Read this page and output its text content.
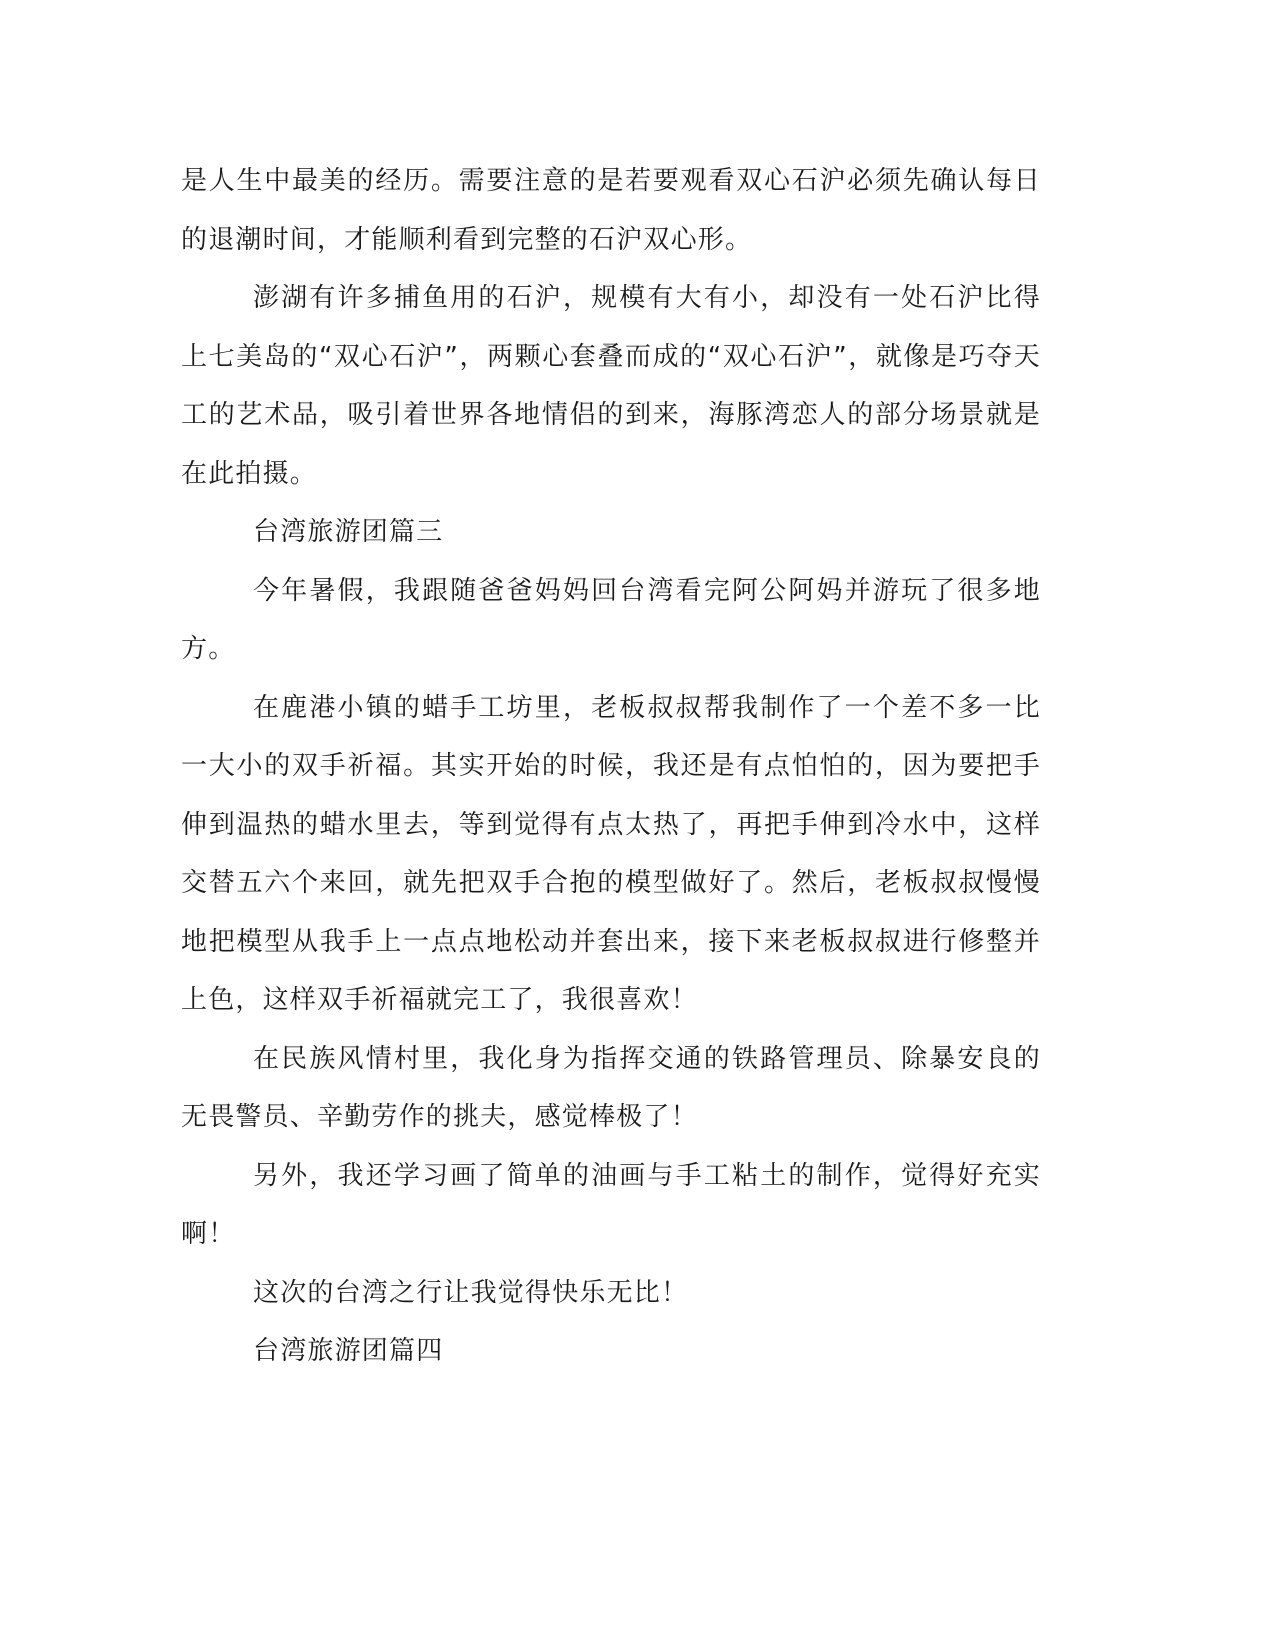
是人生中最美的经历。需要注意的是若要观看双心石沪必须先确认每日的退潮时间，才能顺利看到完整的石沪双心形。

澎湖有许多捕鱼用的石沪，规模有大有小，却没有一处石沪比得上七美岛的“双心石沪”，两颗心套叠而成的“双心石沪”，就像是巧夺天工的艺术品，吸引着世界各地情侣的到来，海豚湾恋人的部分场景就是在此拍摄。

台湾旅游团篇三

今年暑假，我跟随爸爸妈妈回台湾看完阿公阿妈并游玩了很多地方。

在鹿港小镇的蜡手工坊里，老板叔叔帮我制作了一个差不多一比一大小的双手祈福。其实开始的时候，我还是有点怕怕的，因为要把手伸到温热的蜡水里去，等到觉得有点太热了，再把手伸到冷水中，这样交替五六个来回，就先把双手合抱的模型做好了。然后，老板叔叔慢慢地把模型从我手上一点点地松动并套出来，接下来老板叔叔进行修整并上色，这样双手祈福就完工了，我很喜欢！

在民族风情村里，我化身为指挥交通的铁路管理员、除暴安良的无畏警员、辛勤劳作的挑夫，感觉棒极了！

另外，我还学习画了简单的油画与手工粘土的制作，觉得好充实啊！

这次的台湾之行让我觉得快乐无比！

台湾旅游团篇四
